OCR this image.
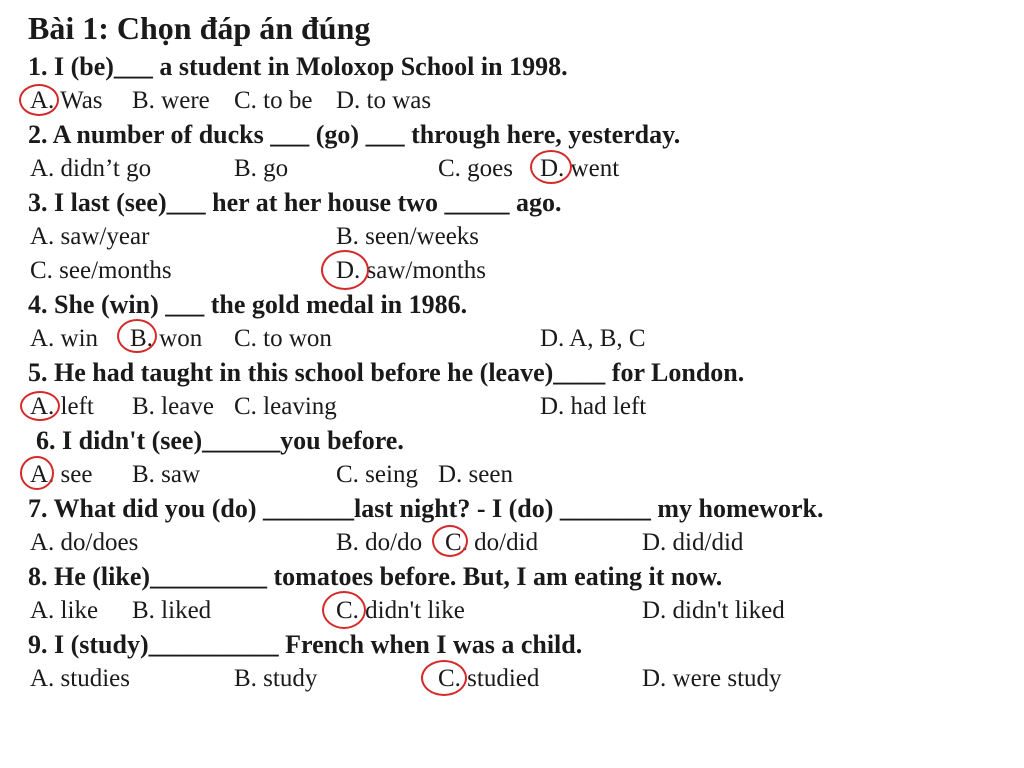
Bài 1: Chọn đáp án đúng
1. I (be)___ a student in Moloxop School in 1998.
A. Was B. were C. to be D. to was
2. A number of ducks ___ (go) ___ through here, yesterday.
A. didn’t go	B. go	C. goes D. went
3. I last (see)___ her at her house two _____ ago.
A. saw/year	B. seen/weeks
C. see/months	D. saw/months
4. She (win) ___ the gold medal in 1986.
A. win B. won C. to won	D. A, B, C
5. He had taught in this school before he (leave)____ for London.
A. left B. leave C. leaving	D. had left
6. I didn't (see)______you before.
A. see B. saw	C. seing D. seen
7. What did you (do) _______last night? - I (do) _______ my homework.
A. do/does	B. do/do C. do/did	D. did/did
8. He (like)_________ tomatoes before. But, I am eating it now.
A. like B. liked	C. didn't like	D. didn't liked
9. I (study)__________ French when I was a child.
A. studies	B. study	C. studied	D. were study
